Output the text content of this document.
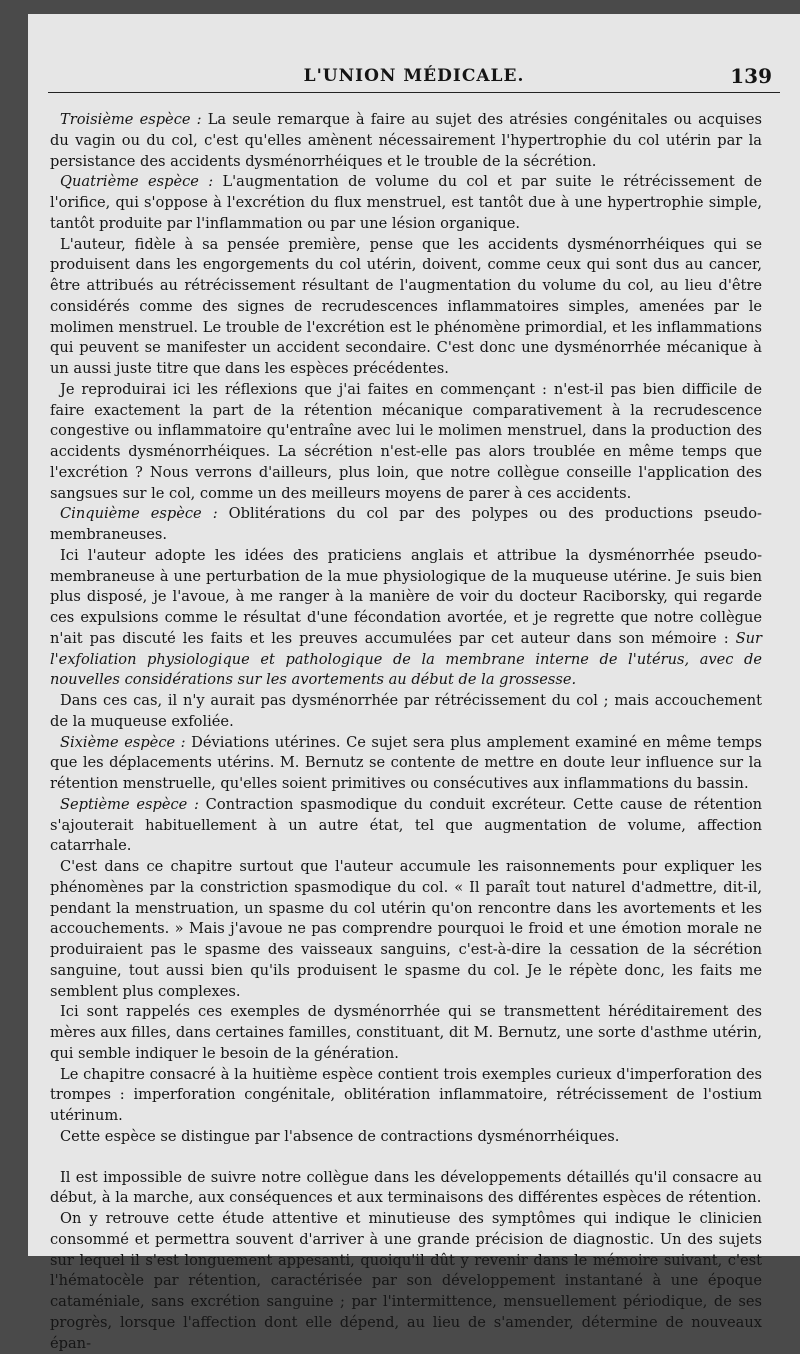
L'UNION MÉDICALE.	139

Troisième espèce : La seule remarque à faire au sujet des atrésies congénitales ou acquises du vagin ou du col, c'est qu'elles amènent nécessairement l'hypertrophie du col utérin par la persistance des accidents dysménorrhéiques et le trouble de la sécrétion.

Quatrième espèce : L'augmentation de volume du col et par suite le rétrécissement de l'orifice, qui s'oppose à l'excrétion du flux menstruel, est tantôt due à une hypertrophie simple, tantôt produite par l'inflammation ou par une lésion organique.

L'auteur, fidèle à sa pensée première, pense que les accidents dysménorrhéiques qui se produisent dans les engorgements du col utérin, doivent, comme ceux qui sont dus au cancer, être attribués au rétrécissement résultant de l'augmentation du volume du col, au lieu d'être considérés comme des signes de recrudescences inflammatoires simples, amenées par le molimen menstruel. Le trouble de l'excrétion est le phénomène primordial, et les inflammations qui peuvent se manifester un accident secondaire. C'est donc une dysménorrhée mécanique à un aussi juste titre que dans les espèces précédentes.

Je reproduirai ici les réflexions que j'ai faites en commençant : n'est-il pas bien difficile de faire exactement la part de la rétention mécanique comparativement à la recrudescence congestive ou inflammatoire qu'entraîne avec lui le molimen menstruel, dans la production des accidents dysménorrhéiques. La sécrétion n'est-elle pas alors troublée en même temps que l'excrétion ? Nous verrons d'ailleurs, plus loin, que notre collègue conseille l'application des sangsues sur le col, comme un des meilleurs moyens de parer à ces accidents.

Cinquième espèce : Oblitérations du col par des polypes ou des productions pseudo-membraneuses.

Ici l'auteur adopte les idées des praticiens anglais et attribue la dysménorrhée pseudo-membraneuse à une perturbation de la mue physiologique de la muqueuse utérine. Je suis bien plus disposé, je l'avoue, à me ranger à la manière de voir du docteur Raciborsky, qui regarde ces expulsions comme le résultat d'une fécondation avortée, et je regrette que notre collègue n'ait pas discuté les faits et les preuves accumulées par cet auteur dans son mémoire : Sur l'exfoliation physiologique et pathologique de la membrane interne de l'utérus, avec de nouvelles considérations sur les avortements au début de la grossesse.

Dans ces cas, il n'y aurait pas dysménorrhée par rétrécissement du col ; mais accouchement de la muqueuse exfoliée.

Sixième espèce : Déviations utérines. Ce sujet sera plus amplement examiné en même temps que les déplacements utérins. M. Bernutz se contente de mettre en doute leur influence sur la rétention menstruelle, qu'elles soient primitives ou consécutives aux inflammations du bassin.

Septième espèce : Contraction spasmodique du conduit excréteur. Cette cause de rétention s'ajouterait habituellement à un autre état, tel que augmentation de volume, affection catarrhale.

C'est dans ce chapitre surtout que l'auteur accumule les raisonnements pour expliquer les phénomènes par la constriction spasmodique du col. « Il paraît tout naturel d'admettre, dit-il, pendant la menstruation, un spasme du col utérin qu'on rencontre dans les avortements et les accouchements. » Mais j'avoue ne pas comprendre pourquoi le froid et une émotion morale ne produiraient pas le spasme des vaisseaux sanguins, c'est-à-dire la cessation de la sécrétion sanguine, tout aussi bien qu'ils produisent le spasme du col. Je le répète donc, les faits me semblent plus complexes.

Ici sont rappelés ces exemples de dysménorrhée qui se transmettent héréditairement des mères aux filles, dans certaines familles, constituant, dit M. Bernutz, une sorte d'asthme utérin, qui semble indiquer le besoin de la génération.

Le chapitre consacré à la huitième espèce contient trois exemples curieux d'imperforation des trompes : imperforation congénitale, oblitération inflammatoire, rétrécissement de l'ostium utérinum.

Cette espèce se distingue par l'absence de contractions dysménorrhéiques.

Il est impossible de suivre notre collègue dans les développements détaillés qu'il consacre au début, à la marche, aux conséquences et aux terminaisons des différentes espèces de rétention.

On y retrouve cette étude attentive et minutieuse des symptômes qui indique le clinicien consommé et permettra souvent d'arriver à une grande précision de diagnostic. Un des sujets sur lequel il s'est longuement appesanti, quoiqu'il dût y revenir dans le mémoire suivant, c'est l'hématocèle par rétention, caractérisée par son développement instantané à une époque cataméniale, sans excrétion sanguine ; par l'intermittence, mensuellement périodique, de ses progrès, lorsque l'affection dont elle dépend, au lieu de s'amender, détermine de nouveaux épan-
